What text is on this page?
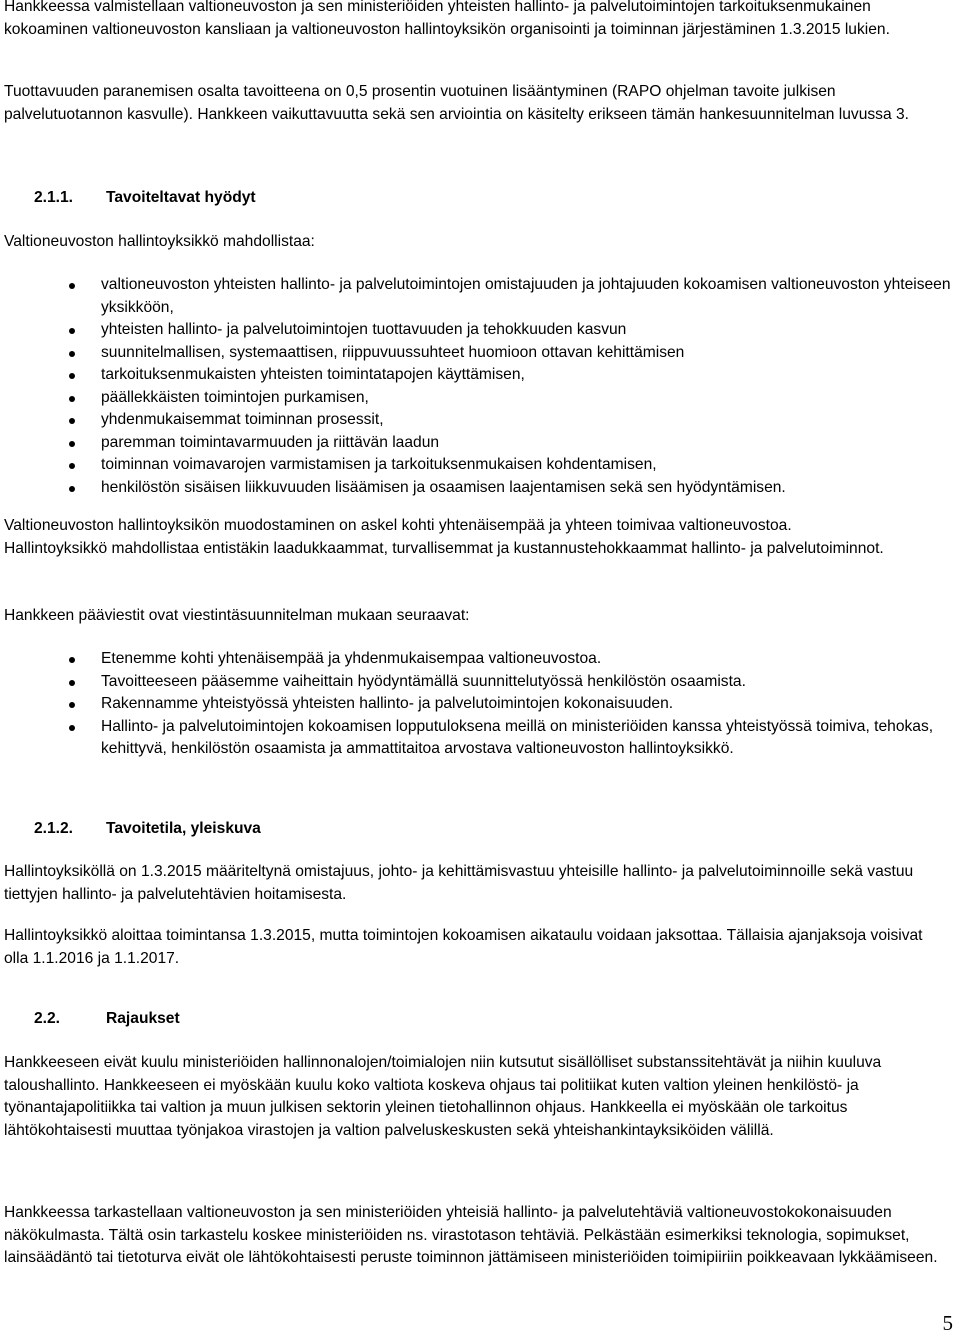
Hankkeessa valmistellaan valtioneuvoston ja sen ministeriöiden yhteisten hallinto- ja palvelutoimintojen tarkoituksenmukainen kokoaminen valtioneuvoston kansliaan ja valtioneuvoston hallintoyksikön organisointi ja toiminnan järjestäminen 1.3.2015 lukien.

Tuottavuuden paranemisen osalta tavoitteena on 0,5 prosentin vuotuinen lisääntyminen (RAPO ohjelman tavoite julkisen palvelutuotannon kasvulle). Hankkeen vaikuttavuutta sekä sen arviointia on käsitelty erikseen tämän hankesuunnitelman luvussa 3.

2.1.1. Tavoiteltavat hyödyt

Valtioneuvoston hallintoyksikkö mahdollistaa:

valtioneuvoston yhteisten hallinto- ja palvelutoimintojen omistajuuden ja johtajuuden kokoamisen valtioneuvoston yhteiseen yksikköön,
yhteisten hallinto- ja palvelutoimintojen tuottavuuden ja tehokkuuden kasvun
suunnitelmallisen, systemaattisen, riippuvuussuhteet huomioon ottavan kehittämisen
tarkoituksenmukaisten yhteisten toimintatapojen käyttämisen,
päällekkäisten toimintojen purkamisen,
yhdenmukaisemmat toiminnan prosessit,
paremman toimintavarmuuden ja riittävän laadun
toiminnan voimavarojen varmistamisen ja tarkoituksenmukaisen kohdentamisen,
henkilöstön sisäisen liikkuvuuden lisäämisen ja osaamisen laajentamisen sekä sen hyödyntämisen.

Valtioneuvoston hallintoyksikön muodostaminen on askel kohti yhtenäisempää ja yhteen toimivaa valtioneuvostoa.
Hallintoyksikkö mahdollistaa entistäkin laadukkaammat, turvallisemmat ja kustannustehokkaammat hallinto- ja palvelutoiminnot.

Hankkeen pääviestit ovat viestintäsuunnitelman mukaan seuraavat:

Etenemme kohti yhtenäisempää ja yhdenmukaisempaa valtioneuvostoa.
Tavoitteeseen pääsemme vaiheittain hyödyntämällä suunnittelutyössä henkilöstön osaamista.
Rakennamme yhteistyössä yhteisten hallinto- ja palvelutoimintojen kokonaisuuden.
Hallinto- ja palvelutoimintojen kokoamisen lopputuloksena meillä on ministeriöiden kanssa yhteistyössä toimiva, tehokas, kehittyvä, henkilöstön osaamista ja ammattitaitoa arvostava valtioneuvoston hallintoyksikkö.
2.1.2. Tavoitetila, yleiskuva

Hallintoyksiköllä on 1.3.2015 määriteltynä omistajuus, johto- ja kehittämisvastuu yhteisille hallinto- ja palvelutoiminnoille sekä vastuu tiettyjen hallinto- ja palvelutehtävien hoitamisesta.

Hallintoyksikkö aloittaa toimintansa 1.3.2015, mutta toimintojen kokoamisen aikataulu voidaan jaksottaa. Tällaisia ajanjaksoja voisivat olla 1.1.2016 ja 1.1.2017.

2.2.	Rajaukset

Hankkeeseen eivät kuulu ministeriöiden hallinnonalojen/toimialojen niin kutsutut sisällölliset substanssitehtävät ja niihin kuuluva taloushallinto. Hankkeeseen ei myöskään kuulu koko valtiota koskeva ohjaus tai politiikat kuten valtion yleinen henkilöstö- ja työnantajapolitiikka tai valtion ja muun julkisen sektorin yleinen tietohallinnon ohjaus. Hankkeella ei myöskään ole tarkoitus lähtökohtaisesti muuttaa työnjakoa virastojen ja valtion palveluskeskusten sekä yhteishankintayksiköiden välillä.

Hankkeessa tarkastellaan valtioneuvoston ja sen ministeriöiden yhteisiä hallinto- ja palvelutehtäviä valtioneuvostokokonaisuuden näkökulmasta. Tältä osin tarkastelu koskee ministeriöiden ns. virastotason tehtäviä. Pelkästään esimerkiksi teknologia, sopimukset, lainsäädäntö tai tietoturva eivät ole lähtökohtaisesti peruste toiminnon jättämiseen ministeriöiden toimipiiriin poikkeavaan lykkäämiseen.

5
